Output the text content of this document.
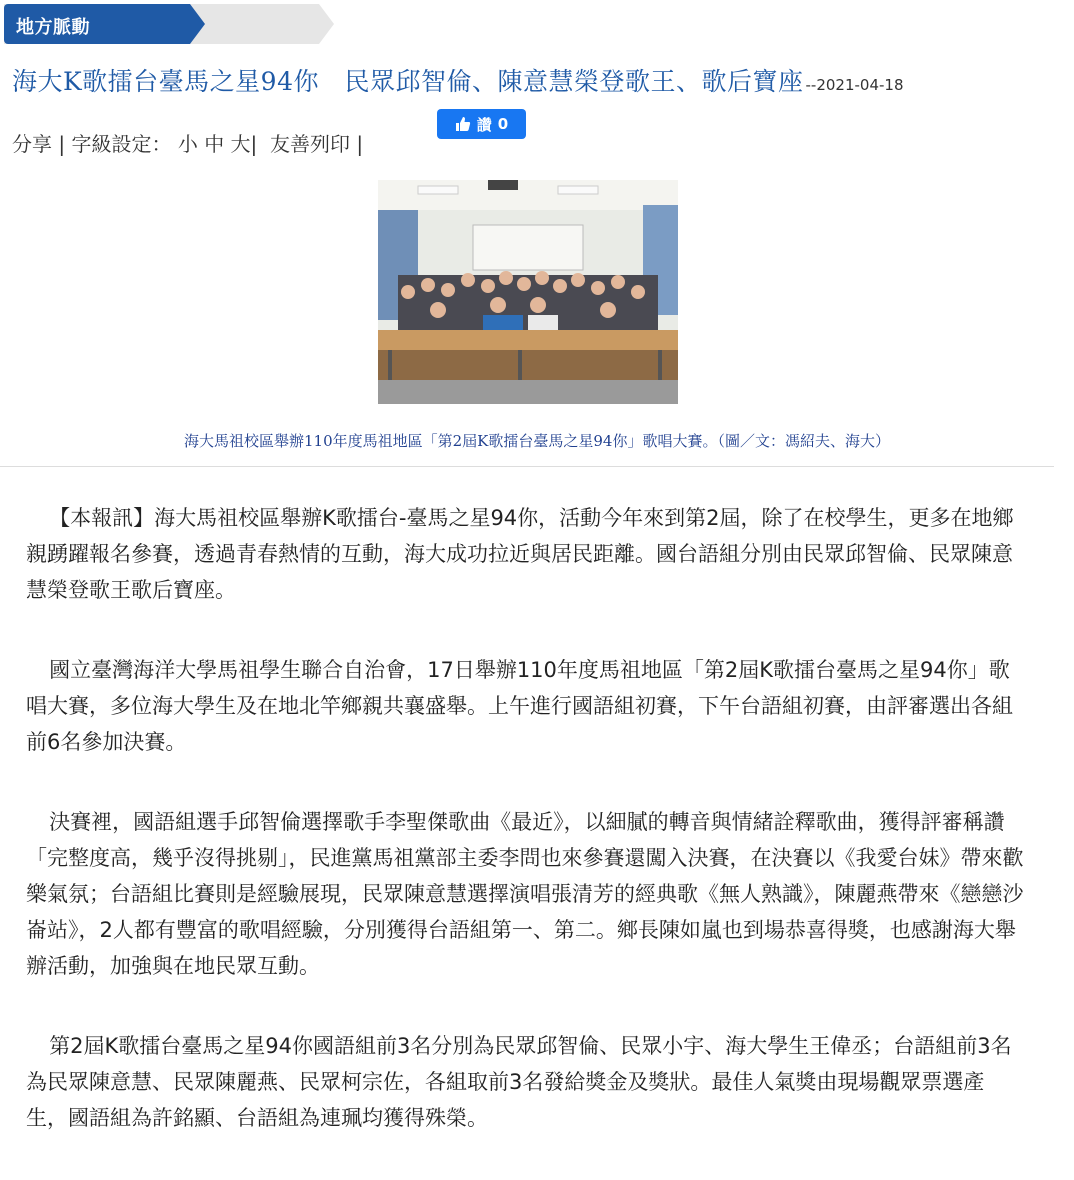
地方脈動
海大K歌擂台臺馬之星94你　民眾邱智倫、陳意慧榮登歌王、歌后寶座 --2021-04-18
分享 | 字級設定： 小 中 大| 友善列印 |
讚 0
海大馬祖校區舉辦110年度馬祖地區「第2屆K歌擂台臺馬之星94你」歌唱大賽。（圖／文：馮紹夫、海大）

【本報訊】海大馬祖校區舉辦K歌擂台-臺馬之星94你，活動今年來到第2屆，除了在校學生，更多在地鄉親踴躍報名參賽，透過青春熱情的互動，海大成功拉近與居民距離。國台語組分別由民眾邱智倫、民眾陳意慧榮登歌王歌后寶座。

國立臺灣海洋大學馬祖學生聯合自治會，17日舉辦110年度馬祖地區「第2屆K歌擂台臺馬之星94你」歌唱大賽，多位海大學生及在地北竿鄉親共襄盛舉。上午進行國語組初賽，下午台語組初賽，由評審選出各組前6名參加決賽。

決賽裡，國語組選手邱智倫選擇歌手李聖傑歌曲《最近》，以細膩的轉音與情緒詮釋歌曲，獲得評審稱讚「完整度高，幾乎沒得挑剔」，民進黨馬祖黨部主委李問也來參賽還闖入決賽，在決賽以《我愛台妹》帶來歡樂氣氛；台語組比賽則是經驗展現，民眾陳意慧選擇演唱張清芳的經典歌《無人熟識》，陳麗燕帶來《戀戀沙崙站》，2人都有豐富的歌唱經驗，分別獲得台語組第一、第二。鄉長陳如嵐也到場恭喜得獎，也感謝海大舉辦活動，加強與在地民眾互動。

第2屆K歌擂台臺馬之星94你國語組前3名分別為民眾邱智倫、民眾小宇、海大學生王偉丞；台語組前3名為民眾陳意慧、民眾陳麗燕、民眾柯宗佐，各組取前3名發給獎金及獎狀。最佳人氣獎由現場觀眾票選產生，國語組為許銘顯、台語組為連珮均獲得殊榮。
